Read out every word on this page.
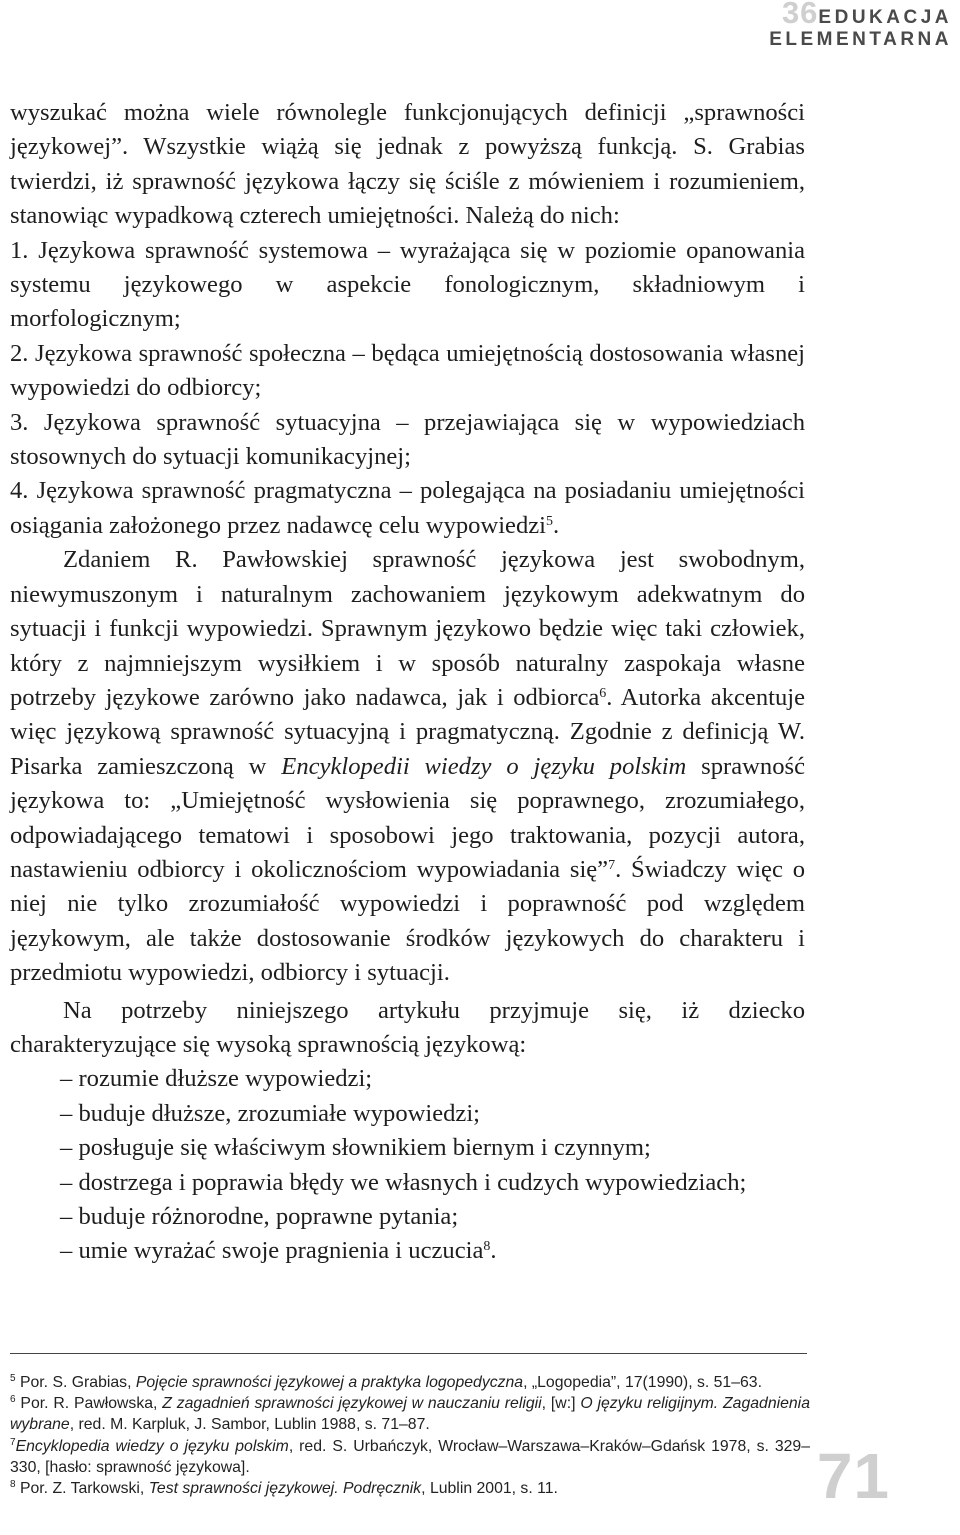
36EDUKACJA
ELEMENTARNA

wyszukać można wiele równolegle funkcjonujących definicji „sprawności językowej”. Wszystkie wiążą się jednak z powyższą funkcją. S. Grabias twierdzi, iż sprawność językowa łączy się ściśle z mówieniem i rozumieniem, stanowiąc wypadkową czterech umiejętności. Należą do nich:

1. Językowa sprawność systemowa – wyrażająca się w poziomie opanowania systemu językowego w aspekcie fonologicznym, składniowym i morfologicznym;

2. Językowa sprawność społeczna – będąca umiejętnością dostosowania własnej wypowiedzi do odbiorcy;

3. Językowa sprawność sytuacyjna – przejawiająca się w wypowiedziach stosownych do sytuacji komunikacyjnej;

4. Językowa sprawność pragmatyczna – polegająca na posiadaniu umiejętności osiągania założonego przez nadawcę celu wypowiedzi$^5$.

Zdaniem R. Pawłowskiej sprawność językowa jest swobodnym, niewymuszonym i naturalnym zachowaniem językowym adekwatnym do sytuacji i funkcji wypowiedzi. Sprawnym językowo będzie więc taki człowiek, który z najmniejszym wysiłkiem i w sposób naturalny zaspokaja własne potrzeby językowe zarówno jako nadawca, jak i odbiorca$^6$. Autorka akcentuje więc językową sprawność sytuacyjną i pragmatyczną. Zgodnie z definicją W. Pisarka zamieszczoną w Encyklopedii wiedzy o języku polskim sprawność językowa to: „Umiejętność wysłowienia się poprawnego, zrozumiałego, odpowiadającego tematowi i sposobowi jego traktowania, pozycji autora, nastawieniu odbiorcy i okolicznościom wypowiadania się”$^7$. Świadczy więc o niej nie tylko zrozumiałość wypowiedzi i poprawność pod względem językowym, ale także dostosowanie środków językowych do charakteru i przedmiotu wypowiedzi, odbiorcy i sytuacji.

Na potrzeby niniejszego artykułu przyjmuje się, iż dziecko charakteryzujące się wysoką sprawnością językową:

– rozumie dłuższe wypowiedzi;
– buduje dłuższe, zrozumiałe wypowiedzi;
– posługuje się właściwym słownikiem biernym i czynnym;
– dostrzega i poprawia błędy we własnych i cudzych wypowiedziach;
– buduje różnorodne, poprawne pytania;
– umie wyrażać swoje pragnienia i uczucia$^8$.

$^5$ Por. S. Grabias, Pojęcie sprawności językowej a praktyka logopedyczna, „Logopedia”, 17(1990), s. 51–63.

$^6$ Por. R. Pawłowska, Z zagadnień sprawności językowej w nauczaniu religii, [w:] O języku religijnym. Zagadnienia wybrane, red. M. Karpluk, J. Sambor, Lublin 1988, s. 71–87.

$^7$Encyklopedia wiedzy o języku polskim, red. S. Urbańczyk, Wrocław–Warszawa–Kraków–Gdańsk 1978, s. 329–330, [hasło: sprawność językowa].

$^8$ Por. Z. Tarkowski, Test sprawności językowej. Podręcznik, Lublin 2001, s. 11.	71
